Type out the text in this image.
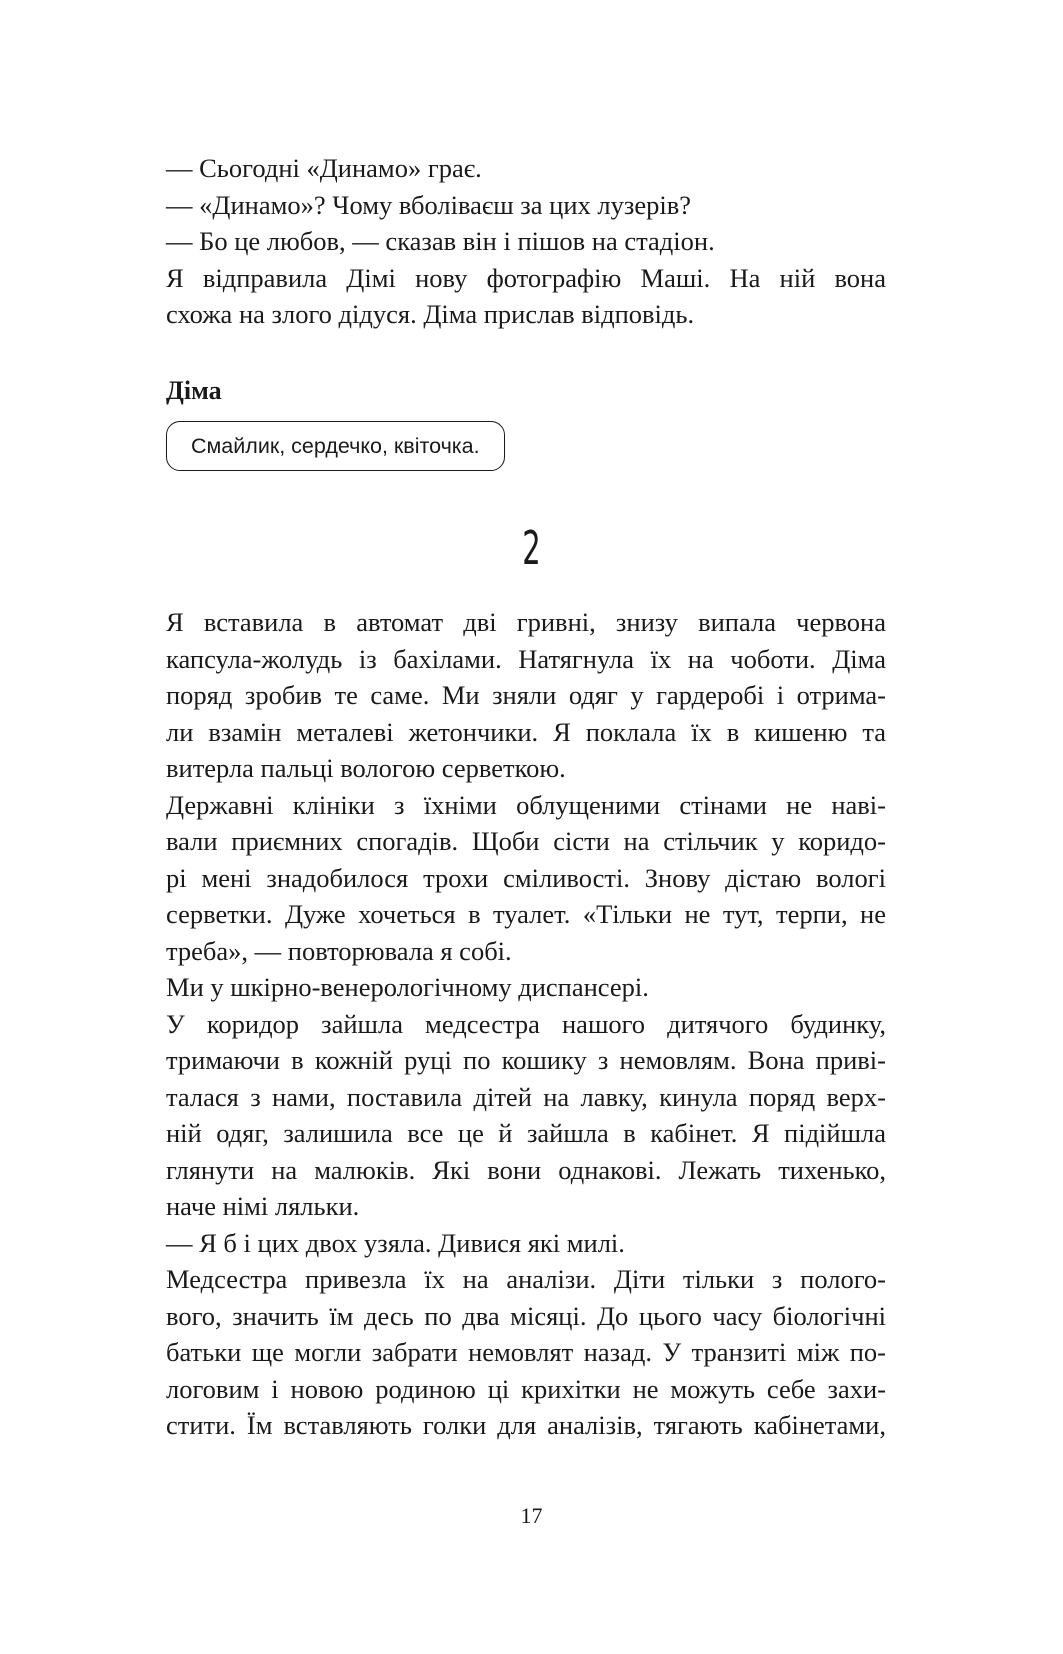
— Сьогодні «Динамо» грає.
— «Динамо»? Чому вболіваєш за цих лузерів?
— Бо це любов, — сказав він і пішов на стадіон.
Я відправила Дімі нову фотографію Маші. На ній вона
схожа на злого дідуся. Діма прислав відповідь.
Діма
Смайлик, сердечко, квіточка.
2
Я вставила в автомат дві гривні, знизу випала червона
капсула-жолудь із бахілами. Натягнула їх на чоботи. Діма
поряд зробив те саме. Ми зняли одяг у гардеробі і отрима-
ли взамін металеві жетончики. Я поклала їх в кишеню та
витерла пальці вологою серветкою.
Державні клініки з їхніми облущеними стінами не наві-
вали приємних спогадів. Щоби сісти на стільчик у коридо-
рі мені знадобилося трохи сміливості. Знову дістаю вологі
серветки. Дуже хочеться в туалет. «Тільки не тут, терпи, не
треба», — повторювала я собі.
Ми у шкірно-венерологічному диспансері.
У коридор зайшла медсестра нашого дитячого будинку,
тримаючи в кожній руці по кошику з немовлям. Вона приві-
талася з нами, поставила дітей на лавку, кинула поряд верх-
ній одяг, залишила все це й зайшла в кабінет. Я підійшла
глянути на малюків. Які вони однакові. Лежать тихенько,
наче німі ляльки.
— Я б і цих двох узяла. Дивися які милі.
Медсестра привезла їх на аналізи. Діти тільки з полого-
вого, значить їм десь по два місяці. До цього часу біологічні
батьки ще могли забрати немовлят назад. У транзиті між по-
логовим і новою родиною ці крихітки не можуть себе захи-
стити. Їм вставляють голки для аналізів, тягають кабінетами,
17
